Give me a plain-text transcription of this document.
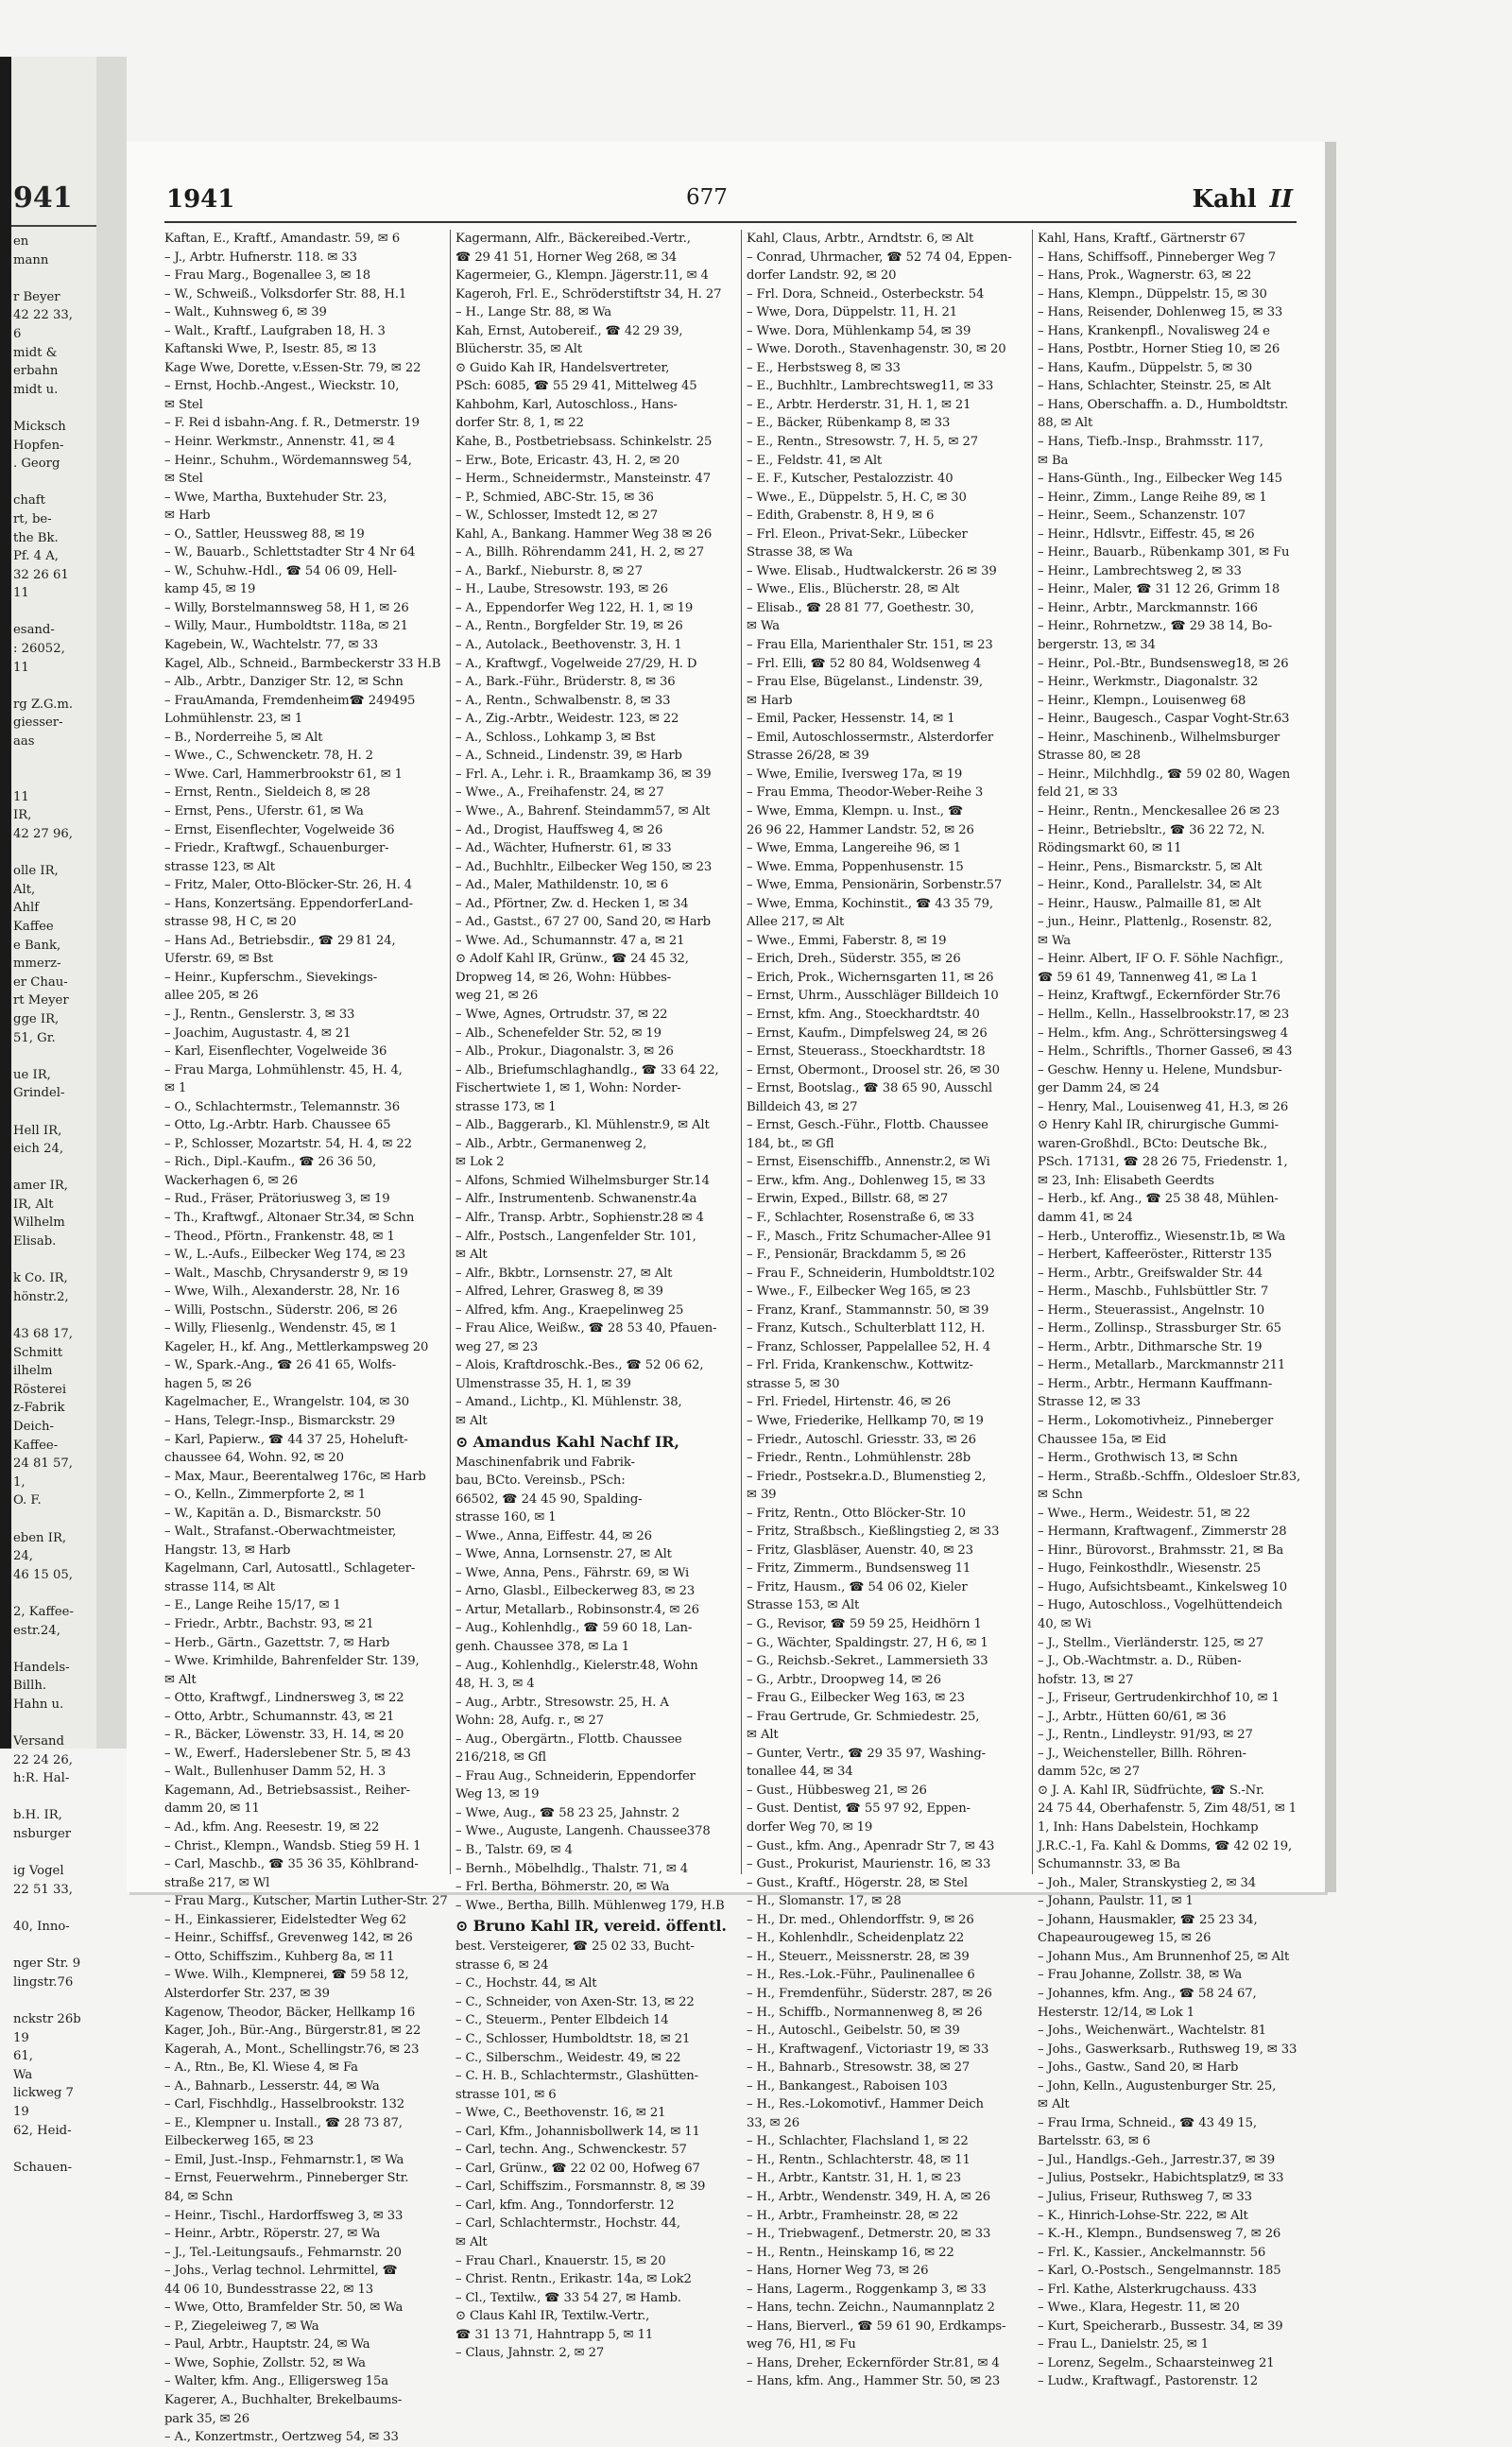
941
en
mann

r Beyer
42 22 33,
6
midt &
erbahn
midt u.

Micksch
Hopfen-
. Georg

chaft
rt, be-
the Bk.
Pf. 4 A,
32 26 61
11

esand-
: 26052,
11

rg Z.G.m.
giesser-
aas

11
IR,
42 27 96,

olle IR,
Alt,
Ahlf
Kaffee
e Bank,
mmerz-
er Chau-
rt Meyer
gge IR,
51, Gr.

ue IR,
Grindel-

Hell IR,
eich 24,

amer IR,
IR, Alt
Wilhelm
Elisab.

k Co. IR,
hönstr.2,

43 68 17,
Schmitt
ilhelm
Rösterei
z-Fabrik
Deich-
Kaffee-
24 81 57,
1,
O. F.

eben IR,
24,
46 15 05,

2, Kaffee-
estr.24,

Handels-
Billh.
Hahn u.

Versand
22 24 26,
h:R. Hal-

b.H. IR,
nsburger

ig Vogel
22 51 33,

40, Inno-

nger Str. 9
lingstr.76

nckstr 26b
19
61,
Wa
lickweg 7
19
62, Heid-

Schauen-
1941	677	Kahl II
Kaftan, E., Kraftf., Amandastr. 59, ✉ 6
– J., Arbtr. Hufnerstr. 118. ✉ 33
– Frau Marg., Bogenallee 3, ✉ 18
– W., Schweiß., Volksdorfer Str. 88, H.1
– Walt., Kuhnsweg 6, ✉ 39
– Walt., Kraftf., Laufgraben 18, H. 3
Kaftanski Wwe, P., Isestr. 85, ✉ 13
Kage Wwe, Dorette, v.Essen-Str. 79, ✉ 22
– Ernst, Hochb.-Angest., Wieckstr. 10,
✉ Stel
– F. Rei d isbahn-Ang. f. R., Detmerstr. 19
– Heinr. Werkmstr., Annenstr. 41, ✉ 4
– Heinr., Schuhm., Wördemannsweg 54,
✉ Stel
– Wwe, Martha, Buxtehuder Str. 23,
✉ Harb
– O., Sattler, Heussweg 88, ✉ 19
– W., Bauarb., Schlettstadter Str 4 Nr 64
– W., Schuhw.-Hdl., ☎ 54 06 09, Hell-
kamp 45, ✉ 19
– Willy, Borstelmannsweg 58, H 1, ✉ 26
– Willy, Maur., Humboldtstr. 118a, ✉ 21
Kagebein, W., Wachtelstr. 77, ✉ 33
Kagel, Alb., Schneid., Barmbeckerstr 33 H.B
– Alb., Arbtr., Danziger Str. 12, ✉ Schn
– FrauAmanda, Fremdenheim☎ 249495
Lohmühlenstr. 23, ✉ 1
– B., Norderreihe 5, ✉ Alt
– Wwe., C., Schwencketr. 78, H. 2
– Wwe. Carl, Hammerbrookstr 61, ✉ 1
– Ernst, Rentn., Sieldeich 8, ✉ 28
– Ernst, Pens., Uferstr. 61, ✉ Wa
– Ernst, Eisenflechter, Vogelweide 36
– Friedr., Kraftwgf., Schauenburger-
strasse 123, ✉ Alt
– Fritz, Maler, Otto-Blöcker-Str. 26, H. 4
– Hans, Konzertsäng. EppendorferLand-
strasse 98, H C, ✉ 20
– Hans Ad., Betriebsdir., ☎ 29 81 24,
Uferstr. 69, ✉ Bst
– Heinr., Kupferschm., Sievekings-
allee 205, ✉ 26
– J., Rentn., Genslerstr. 3, ✉ 33
– Joachim, Augustastr. 4, ✉ 21
– Karl, Eisenflechter, Vogelweide 36
– Frau Marga, Lohmühlenstr. 45, H. 4,
✉ 1
– O., Schlachtermstr., Telemannstr. 36
– Otto, Lg.-Arbtr. Harb. Chaussee 65
– P., Schlosser, Mozartstr. 54, H. 4, ✉ 22
– Rich., Dipl.-Kaufm., ☎ 26 36 50,
Wackerhagen 6, ✉ 26
– Rud., Fräser, Prätoriusweg 3, ✉ 19
– Th., Kraftwgf., Altonaer Str.34, ✉ Schn
– Theod., Pförtn., Frankenstr. 48, ✉ 1
– W., L.-Aufs., Eilbecker Weg 174, ✉ 23
– Walt., Maschb, Chrysanderstr 9, ✉ 19
– Wwe, Wilh., Alexanderstr. 28, Nr. 16
– Willi, Postschn., Süderstr. 206, ✉ 26
– Willy, Fliesenlg., Wendenstr. 45, ✉ 1
Kageler, H., kf. Ang., Mettlerkampsweg 20
– W., Spark.-Ang., ☎ 26 41 65, Wolfs-
hagen 5, ✉ 26
Kagelmacher, E., Wrangelstr. 104, ✉ 30
– Hans, Telegr.-Insp., Bismarckstr. 29
– Karl, Papierw., ☎ 44 37 25, Hoheluft-
chaussee 64, Wohn. 92, ✉ 20
– Max, Maur., Beerentalweg 176c, ✉ Harb
– O., Kelln., Zimmerpforte 2, ✉ 1
– W., Kapitän a. D., Bismarckstr. 50
– Walt., Strafanst.-Oberwachtmeister,
Hangstr. 13, ✉ Harb
Kagelmann, Carl, Autosattl., Schlageter-
strasse 114, ✉ Alt
– E., Lange Reihe 15/17, ✉ 1
– Friedr., Arbtr., Bachstr. 93, ✉ 21
– Herb., Gärtn., Gazettstr. 7, ✉ Harb
– Wwe. Krimhilde, Bahrenfelder Str. 139,
✉ Alt
– Otto, Kraftwgf., Lindnersweg 3, ✉ 22
– Otto, Arbtr., Schumannstr. 43, ✉ 21
– R., Bäcker, Löwenstr. 33, H. 14, ✉ 20
– W., Ewerf., Haderslebener Str. 5, ✉ 43
– Walt., Bullenhuser Damm 52, H. 3
Kagemann, Ad., Betriebsassist., Reiher-
damm 20, ✉ 11
– Ad., kfm. Ang. Reesestr. 19, ✉ 22
– Christ., Klempn., Wandsb. Stieg 59 H. 1
– Carl, Maschb., ☎ 35 36 35, Köhlbrand-
straße 217, ✉ Wl
– Frau Marg., Kutscher, Martin Luther-Str. 27
– H., Einkassierer, Eidelstedter Weg 62
– Heinr., Schiffsf., Grevenweg 142, ✉ 26
– Otto, Schiffszim., Kuhberg 8a, ✉ 11
– Wwe. Wilh., Klempnerei, ☎ 59 58 12,
Alsterdorfer Str. 237, ✉ 39
Kagenow, Theodor, Bäcker, Hellkamp 16
Kager, Joh., Bür.-Ang., Bürgerstr.81, ✉ 22
Kagerah, A., Mont., Schellingstr.76, ✉ 23
– A., Rtn., Be, Kl. Wiese 4, ✉ Fa
– A., Bahnarb., Lesserstr. 44, ✉ Wa
– Carl, Fischhdlg., Hasselbrookstr. 132
– E., Klempner u. Install., ☎ 28 73 87,
Eilbeckerweg 165, ✉ 23
– Emil, Just.-Insp., Fehmarnstr.1, ✉ Wa
– Ernst, Feuerwehrm., Pinneberger Str.
84, ✉ Schn
– Heinr., Tischl., Hardorffsweg 3, ✉ 33
– Heinr., Arbtr., Röperstr. 27, ✉ Wa
– J., Tel.-Leitungsaufs., Fehmarnstr. 20
– Johs., Verlag technol. Lehrmittel, ☎
44 06 10, Bundesstrasse 22, ✉ 13
– Wwe, Otto, Bramfelder Str. 50, ✉ Wa
– P., Ziegeleiweg 7, ✉ Wa
– Paul, Arbtr., Hauptstr. 24, ✉ Wa
– Wwe, Sophie, Zollstr. 52, ✉ Wa
– Walter, kfm. Ang., Elligersweg 15a
Kagerer, A., Buchhalter, Brekelbaums-
park 35, ✉ 26
– A., Konzertmstr., Oertzweg 54, ✉ 33
Kagermann, Alfr., Bäckereibed.-Vertr.,
☎ 29 41 51, Horner Weg 268, ✉ 34
Kagermeier, G., Klempn. Jägerstr.11, ✉ 4
Kageroh, Frl. E., Schröderstiftstr 34, H. 27
– H., Lange Str. 88, ✉ Wa
Kah, Ernst, Autobereif., ☎ 42 29 39,
Blücherstr. 35, ✉ Alt
⊙ Guido Kah IR, Handelsvertreter,
PSch: 6085, ☎ 55 29 41, Mittelweg 45
Kahbohm, Karl, Autoschloss., Hans-
dorfer Str. 8, 1, ✉ 22
Kahe, B., Postbetriebsass. Schinkelstr. 25
– Erw., Bote, Ericastr. 43, H. 2, ✉ 20
– Herm., Schneidermstr., Mansteinstr. 47
– P., Schmied, ABC-Str. 15, ✉ 36
– W., Schlosser, Imstedt 12, ✉ 27
Kahl, A., Bankang. Hammer Weg 38 ✉ 26
– A., Billh. Röhrendamm 241, H. 2, ✉ 27
– A., Barkf., Nieburstr. 8, ✉ 27
– H., Laube, Stresowstr. 193, ✉ 26
– A., Eppendorfer Weg 122, H. 1, ✉ 19
– A., Rentn., Borgfelder Str. 19, ✉ 26
– A., Autolack., Beethovenstr. 3, H. 1
– A., Kraftwgf., Vogelweide 27/29, H. D
– A., Bark.-Führ., Brüderstr. 8, ✉ 36
– A., Rentn., Schwalbenstr. 8, ✉ 33
– A., Zig.-Arbtr., Weidestr. 123, ✉ 22
– A., Schloss., Lohkamp 3, ✉ Bst
– A., Schneid., Lindenstr. 39, ✉ Harb
– Frl. A., Lehr. i. R., Braamkamp 36, ✉ 39
– Wwe., A., Freihafenstr. 24, ✉ 27
– Wwe., A., Bahrenf. Steindamm57, ✉ Alt
– Ad., Drogist, Hauffsweg 4, ✉ 26
– Ad., Wächter, Hufnerstr. 61, ✉ 33
– Ad., Buchhltr., Eilbecker Weg 150, ✉ 23
– Ad., Maler, Mathildenstr. 10, ✉ 6
– Ad., Pförtner, Zw. d. Hecken 1, ✉ 34
– Ad., Gastst., 67 27 00, Sand 20, ✉ Harb
– Wwe. Ad., Schumannstr. 47 a, ✉ 21
⊙ Adolf Kahl IR, Grünw., ☎ 24 45 32,
Dropweg 14, ✉ 26, Wohn: Hübbes-
weg 21, ✉ 26
– Wwe, Agnes, Ortrudstr. 37, ✉ 22
– Alb., Schenefelder Str. 52, ✉ 19
– Alb., Prokur., Diagonalstr. 3, ✉ 26
– Alb., Briefumschlaghandlg., ☎ 33 64 22,
Fischertwiete 1, ✉ 1, Wohn: Norder-
strasse 173, ✉ 1
– Alb., Baggerarb., Kl. Mühlenstr.9, ✉ Alt
– Alb., Arbtr., Germanenweg 2,
✉ Lok 2
– Alfons, Schmied Wilhelmsburger Str.14
– Alfr., Instrumentenb. Schwanenstr.4a
– Alfr., Transp. Arbtr., Sophienstr.28 ✉ 4
– Alfr., Postsch., Langenfelder Str. 101,
✉ Alt
– Alfr., Bkbtr., Lornsenstr. 27, ✉ Alt
– Alfred, Lehrer, Grasweg 8, ✉ 39
– Alfred, kfm. Ang., Kraepelinweg 25
– Frau Alice, Weißw., ☎ 28 53 40, Pfauen-
weg 27, ✉ 23
– Alois, Kraftdroschk.-Bes., ☎ 52 06 62,
Ulmenstrasse 35, H. 1, ✉ 39
– Amand., Lichtp., Kl. Mühlenstr. 38,
✉ Alt
⊙ Amandus Kahl Nachf IR,
Maschinenfabrik und Fabrik-
bau, BCto. Vereinsb., PSch:
66502, ☎ 24 45 90, Spalding-
strasse 160, ✉ 1
– Wwe., Anna, Eiffestr. 44, ✉ 26
– Wwe, Anna, Lornsenstr. 27, ✉ Alt
– Wwe, Anna, Pens., Fährstr. 69, ✉ Wi
– Arno, Glasbl., Eilbeckerweg 83, ✉ 23
– Artur, Metallarb., Robinsonstr.4, ✉ 26
– Aug., Kohlenhdlg., ☎ 59 60 18, Lan-
genh. Chaussee 378, ✉ La 1
– Aug., Kohlenhdlg., Kielerstr.48, Wohn
48, H. 3, ✉ 4
– Aug., Arbtr., Stresowstr. 25, H. A
Wohn: 28, Aufg. r., ✉ 27
– Aug., Obergärtn., Flottb. Chaussee
216/218, ✉ Gfl
– Frau Aug., Schneiderin, Eppendorfer
Weg 13, ✉ 19
– Wwe, Aug., ☎ 58 23 25, Jahnstr. 2
– Wwe., Auguste, Langenh. Chaussee378
– B., Talstr. 69, ✉ 4
– Bernh., Möbelhdlg., Thalstr. 71, ✉ 4
– Frl. Bertha, Böhmerstr. 20, ✉ Wa
– Wwe., Bertha, Billh. Mühlenweg 179, H.B
⊙ Bruno Kahl IR, vereid. öffentl.
best. Versteigerer, ☎ 25 02 33, Bucht-
strasse 6, ✉ 24
– C., Hochstr. 44, ✉ Alt
– C., Schneider, von Axen-Str. 13, ✉ 22
– C., Steuerm., Penter Elbdeich 14
– C., Schlosser, Humboldtstr. 18, ✉ 21
– C., Silberschm., Weidestr. 49, ✉ 22
– C. H. B., Schlachtermstr., Glashütten-
strasse 101, ✉ 6
– Wwe, C., Beethovenstr. 16, ✉ 21
– Carl, Kfm., Johannisbollwerk 14, ✉ 11
– Carl, techn. Ang., Schwenckestr. 57
– Carl, Grünw., ☎ 22 02 00, Hofweg 67
– Carl, Schiffszim., Forsmannstr. 8, ✉ 39
– Carl, kfm. Ang., Tonndorferstr. 12
– Carl, Schlachtermstr., Hochstr. 44,
✉ Alt
– Frau Charl., Knauerstr. 15, ✉ 20
– Christ. Rentn., Erikastr. 14a, ✉ Lok2
– Cl., Textilw., ☎ 33 54 27, ✉ Hamb.
⊙ Claus Kahl IR, Textilw.-Vertr.,
☎ 31 13 71, Hahntrapp 5, ✉ 11
– Claus, Jahnstr. 2, ✉ 27
Kahl, Claus, Arbtr., Arndtstr. 6, ✉ Alt
– Conrad, Uhrmacher, ☎ 52 74 04, Eppen-
dorfer Landstr. 92, ✉ 20
– Frl. Dora, Schneid., Osterbeckstr. 54
– Wwe, Dora, Düppelstr. 11, H. 21
– Wwe. Dora, Mühlenkamp 54, ✉ 39
– Wwe. Doroth., Stavenhagenstr. 30, ✉ 20
– E., Herbstsweg 8, ✉ 33
– E., Buchhltr., Lambrechtsweg11, ✉ 33
– E., Arbtr. Herderstr. 31, H. 1, ✉ 21
– E., Bäcker, Rübenkamp 8, ✉ 33
– E., Rentn., Stresowstr. 7, H. 5, ✉ 27
– E., Feldstr. 41, ✉ Alt
– E. F., Kutscher, Pestalozzistr. 40
– Wwe., E., Düppelstr. 5, H. C, ✉ 30
– Edith, Grabenstr. 8, H 9, ✉ 6
– Frl. Eleon., Privat-Sekr., Lübecker
Strasse 38, ✉ Wa
– Wwe. Elisab., Hudtwalckerstr. 26 ✉ 39
– Wwe., Elis., Blücherstr. 28, ✉ Alt
– Elisab., ☎ 28 81 77, Goethestr. 30,
✉ Wa
– Frau Ella, Marienthaler Str. 151, ✉ 23
– Frl. Elli, ☎ 52 80 84, Woldsenweg 4
– Frau Else, Bügelanst., Lindenstr. 39,
✉ Harb
– Emil, Packer, Hessenstr. 14, ✉ 1
– Emil, Autoschlossermstr., Alsterdorfer
Strasse 26/28, ✉ 39
– Wwe, Emilie, Iversweg 17a, ✉ 19
– Frau Emma, Theodor-Weber-Reihe 3
– Wwe, Emma, Klempn. u. Inst., ☎
26 96 22, Hammer Landstr. 52, ✉ 26
– Wwe, Emma, Langereihe 96, ✉ 1
– Wwe. Emma, Poppenhusenstr. 15
– Wwe, Emma, Pensionärin, Sorbenstr.57
– Wwe, Emma, Kochinstit., ☎ 43 35 79,
Allee 217, ✉ Alt
– Wwe., Emmi, Faberstr. 8, ✉ 19
– Erich, Dreh., Süderstr. 355, ✉ 26
– Erich, Prok., Wichernsgarten 11, ✉ 26
– Ernst, Uhrm., Ausschläger Billdeich 10
– Ernst, kfm. Ang., Stoeckhardtstr. 40
– Ernst, Kaufm., Dimpfelsweg 24, ✉ 26
– Ernst, Steuerass., Stoeckhardtstr. 18
– Ernst, Obermont., Droosel str. 26, ✉ 30
– Ernst, Bootslag., ☎ 38 65 90, Ausschl
Billdeich 43, ✉ 27
– Ernst, Gesch.-Führ., Flottb. Chaussee
184, bt., ✉ Gfl
– Ernst, Eisenschiffb., Annenstr.2, ✉ Wi
– Erw., kfm. Ang., Dohlenweg 15, ✉ 33
– Erwin, Exped., Billstr. 68, ✉ 27
– F., Schlachter, Rosenstraße 6, ✉ 33
– F., Masch., Fritz Schumacher-Allee 91
– F., Pensionär, Brackdamm 5, ✉ 26
– Frau F., Schneiderin, Humboldtstr.102
– Wwe., F., Eilbecker Weg 165, ✉ 23
– Franz, Kranf., Stammannstr. 50, ✉ 39
– Franz, Kutsch., Schulterblatt 112, H.
– Franz, Schlosser, Pappelallee 52, H. 4
– Frl. Frida, Krankenschw., Kottwitz-
strasse 5, ✉ 30
– Frl. Friedel, Hirtenstr. 46, ✉ 26
– Wwe, Friederike, Hellkamp 70, ✉ 19
– Friedr., Autoschl. Griesstr. 33, ✉ 26
– Friedr., Rentn., Lohmühlenstr. 28b
– Friedr., Postsekr.a.D., Blumenstieg 2,
✉ 39
– Fritz, Rentn., Otto Blöcker-Str. 10
– Fritz, Straßbsch., Kießlingstieg 2, ✉ 33
– Fritz, Glasbläser, Auenstr. 40, ✉ 23
– Fritz, Zimmerm., Bundsensweg 11
– Fritz, Hausm., ☎ 54 06 02, Kieler
Strasse 153, ✉ Alt
– G., Revisor, ☎ 59 59 25, Heidhörn 1
– G., Wächter, Spaldingstr. 27, H 6, ✉ 1
– G., Reichsb.-Sekret., Lammersieth 33
– G., Arbtr., Droopweg 14, ✉ 26
– Frau G., Eilbecker Weg 163, ✉ 23
– Frau Gertrude, Gr. Schmiedestr. 25,
✉ Alt
– Gunter, Vertr., ☎ 29 35 97, Washing-
tonallee 44, ✉ 34
– Gust., Hübbesweg 21, ✉ 26
– Gust. Dentist, ☎ 55 97 92, Eppen-
dorfer Weg 70, ✉ 19
– Gust., kfm. Ang., Apenradr Str 7, ✉ 43
– Gust., Prokurist, Maurienstr. 16, ✉ 33
– Gust., Kraftf., Högerstr. 28, ✉ Stel
– H., Slomanstr. 17, ✉ 28
– H., Dr. med., Ohlendorffstr. 9, ✉ 26
– H., Kohlenhdlr., Scheidenplatz 22
– H., Steuerr., Meissnerstr. 28, ✉ 39
– H., Res.-Lok.-Führ., Paulinenallee 6
– H., Fremdenführ., Süderstr. 287, ✉ 26
– H., Schiffb., Normannenweg 8, ✉ 26
– H., Autoschl., Geibelstr. 50, ✉ 39
– H., Kraftwagenf., Victoriastr 19, ✉ 33
– H., Bahnarb., Stresowstr. 38, ✉ 27
– H., Bankangest., Raboisen 103
– H., Res.-Lokomotivf., Hammer Deich
33, ✉ 26
– H., Schlachter, Flachsland 1, ✉ 22
– H., Rentn., Schlachterstr. 48, ✉ 11
– H., Arbtr., Kantstr. 31, H. 1, ✉ 23
– H., Arbtr., Wendenstr. 349, H. A, ✉ 26
– H., Arbtr., Framheinstr. 28, ✉ 22
– H., Triebwagenf., Detmerstr. 20, ✉ 33
– H., Rentn., Heinskamp 16, ✉ 22
– Hans, Horner Weg 73, ✉ 26
– Hans, Lagerm., Roggenkamp 3, ✉ 33
– Hans, techn. Zeichn., Naumannplatz 2
– Hans, Bierverl., ☎ 59 61 90, Erdkamps-
weg 76, H1, ✉ Fu
– Hans, Dreher, Eckernförder Str.81, ✉ 4
– Hans, kfm. Ang., Hammer Str. 50, ✉ 23
Kahl, Hans, Kraftf., Gärtnerstr 67
– Hans, Schiffsoff., Pinneberger Weg 7
– Hans, Prok., Wagnerstr. 63, ✉ 22
– Hans, Klempn., Düppelstr. 15, ✉ 30
– Hans, Reisender, Dohlenweg 15, ✉ 33
– Hans, Krankenpfl., Novalisweg 24 e
– Hans, Postbtr., Horner Stieg 10, ✉ 26
– Hans, Kaufm., Düppelstr. 5, ✉ 30
– Hans, Schlachter, Steinstr. 25, ✉ Alt
– Hans, Oberschaffn. a. D., Humboldtstr.
88, ✉ Alt
– Hans, Tiefb.-Insp., Brahmsstr. 117,
✉ Ba
– Hans-Günth., Ing., Eilbecker Weg 145
– Heinr., Zimm., Lange Reihe 89, ✉ 1
– Heinr., Seem., Schanzenstr. 107
– Heinr., Hdlsvtr., Eiffestr. 45, ✉ 26
– Heinr., Bauarb., Rübenkamp 301, ✉ Fu
– Heinr., Lambrechtsweg 2, ✉ 33
– Heinr., Maler, ☎ 31 12 26, Grimm 18
– Heinr., Arbtr., Marckmannstr. 166
– Heinr., Rohrnetzw., ☎ 29 38 14, Bo-
bergerstr. 13, ✉ 34
– Heinr., Pol.-Btr., Bundsensweg18, ✉ 26
– Heinr., Werkmstr., Diagonalstr. 32
– Heinr., Klempn., Louisenweg 68
– Heinr., Baugesch., Caspar Voght-Str.63
– Heinr., Maschinenb., Wilhelmsburger
Strasse 80, ✉ 28
– Heinr., Milchhdlg., ☎ 59 02 80, Wagen
feld 21, ✉ 33
– Heinr., Rentn., Menckesallee 26 ✉ 23
– Heinr., Betriebsltr., ☎ 36 22 72, N.
Rödingsmarkt 60, ✉ 11
– Heinr., Pens., Bismarckstr. 5, ✉ Alt
– Heinr., Kond., Parallelstr. 34, ✉ Alt
– Heinr., Hausw., Palmaille 81, ✉ Alt
– jun., Heinr., Plattenlg., Rosenstr. 82,
✉ Wa
– Heinr. Albert, IF O. F. Söhle Nachfigr.,
☎ 59 61 49, Tannenweg 41, ✉ La 1
– Heinz, Kraftwgf., Eckernförder Str.76
– Hellm., Kelln., Hasselbrookstr.17, ✉ 23
– Helm., kfm. Ang., Schröttersingsweg 4
– Helm., Schriftls., Thorner Gasse6, ✉ 43
– Geschw. Henny u. Helene, Mundsbur-
ger Damm 24, ✉ 24
– Henry, Mal., Louisenweg 41, H.3, ✉ 26
⊙ Henry Kahl IR, chirurgische Gummi-
waren-Großhdl., BCto: Deutsche Bk.,
PSch. 17131, ☎ 28 26 75, Friedenstr. 1,
✉ 23, Inh: Elisabeth Geerdts
– Herb., kf. Ang., ☎ 25 38 48, Mühlen-
damm 41, ✉ 24
– Herb., Unteroffiz., Wiesenstr.1b, ✉ Wa
– Herbert, Kaffeeröster., Ritterstr 135
– Herm., Arbtr., Greifswalder Str. 44
– Herm., Maschb., Fuhlsbüttler Str. 7
– Herm., Steuerassist., Angelnstr. 10
– Herm., Zollinsp., Strassburger Str. 65
– Herm., Arbtr., Dithmarsche Str. 19
– Herm., Metallarb., Marckmannstr 211
– Herm., Arbtr., Hermann Kauffmann-
Strasse 12, ✉ 33
– Herm., Lokomotivheiz., Pinneberger
Chaussee 15a, ✉ Eid
– Herm., Grothwisch 13, ✉ Schn
– Herm., Straßb.-Schffn., Oldesloer Str.83,
✉ Schn
– Wwe., Herm., Weidestr. 51, ✉ 22
– Hermann, Kraftwagenf., Zimmerstr 28
– Hinr., Bürovorst., Brahmsstr. 21, ✉ Ba
– Hugo, Feinkosthdlr., Wiesenstr. 25
– Hugo, Aufsichtsbeamt., Kinkelsweg 10
– Hugo, Autoschloss., Vogelhüttendeich
40, ✉ Wi
– J., Stellm., Vierländerstr. 125, ✉ 27
– J., Ob.-Wachtmstr. a. D., Rüben-
hofstr. 13, ✉ 27
– J., Friseur, Gertrudenkirchhof 10, ✉ 1
– J., Arbtr., Hütten 60/61, ✉ 36
– J., Rentn., Lindleystr. 91/93, ✉ 27
– J., Weichensteller, Billh. Röhren-
damm 52c, ✉ 27
⊙ J. A. Kahl IR, Südfrüchte, ☎ S.-Nr.
24 75 44, Oberhafenstr. 5, Zim 48/51, ✉ 1
1, Inh: Hans Dabelstein, Hochkamp
J.R.C.-1, Fa. Kahl & Domms, ☎ 42 02 19,
Schumannstr. 33, ✉ Ba
– Joh., Maler, Stranskystieg 2, ✉ 34
– Johann, Paulstr. 11, ✉ 1
– Johann, Hausmakler, ☎ 25 23 34,
Chapeaurougeweg 15, ✉ 26
– Johann Mus., Am Brunnenhof 25, ✉ Alt
– Frau Johanne, Zollstr. 38, ✉ Wa
– Johannes, kfm. Ang., ☎ 58 24 67,
Hesterstr. 12/14, ✉ Lok 1
– Johs., Weichenwärt., Wachtelstr. 81
– Johs., Gaswerksarb., Ruthsweg 19, ✉ 33
– Johs., Gastw., Sand 20, ✉ Harb
– John, Kelln., Augustenburger Str. 25,
✉ Alt
– Frau Irma, Schneid., ☎ 43 49 15,
Bartelsstr. 63, ✉ 6
– Jul., Handlgs.-Geh., Jarrestr.37, ✉ 39
– Julius, Postsekr., Habichtsplatz9, ✉ 33
– Julius, Friseur, Ruthsweg 7, ✉ 33
– K., Hinrich-Lohse-Str. 222, ✉ Alt
– K.-H., Klempn., Bundsensweg 7, ✉ 26
– Frl. K., Kassier., Anckelmannstr. 56
– Karl, O.-Postsch., Sengelmannstr. 185
– Frl. Kathe, Alsterkrugchauss. 433
– Wwe., Klara, Hegestr. 11, ✉ 20
– Kurt, Speicherarb., Bussestr. 34, ✉ 39
– Frau L., Danielstr. 25, ✉ 1
– Lorenz, Segelm., Schaarsteinweg 21
– Ludw., Kraftwagf., Pastorenstr. 12
